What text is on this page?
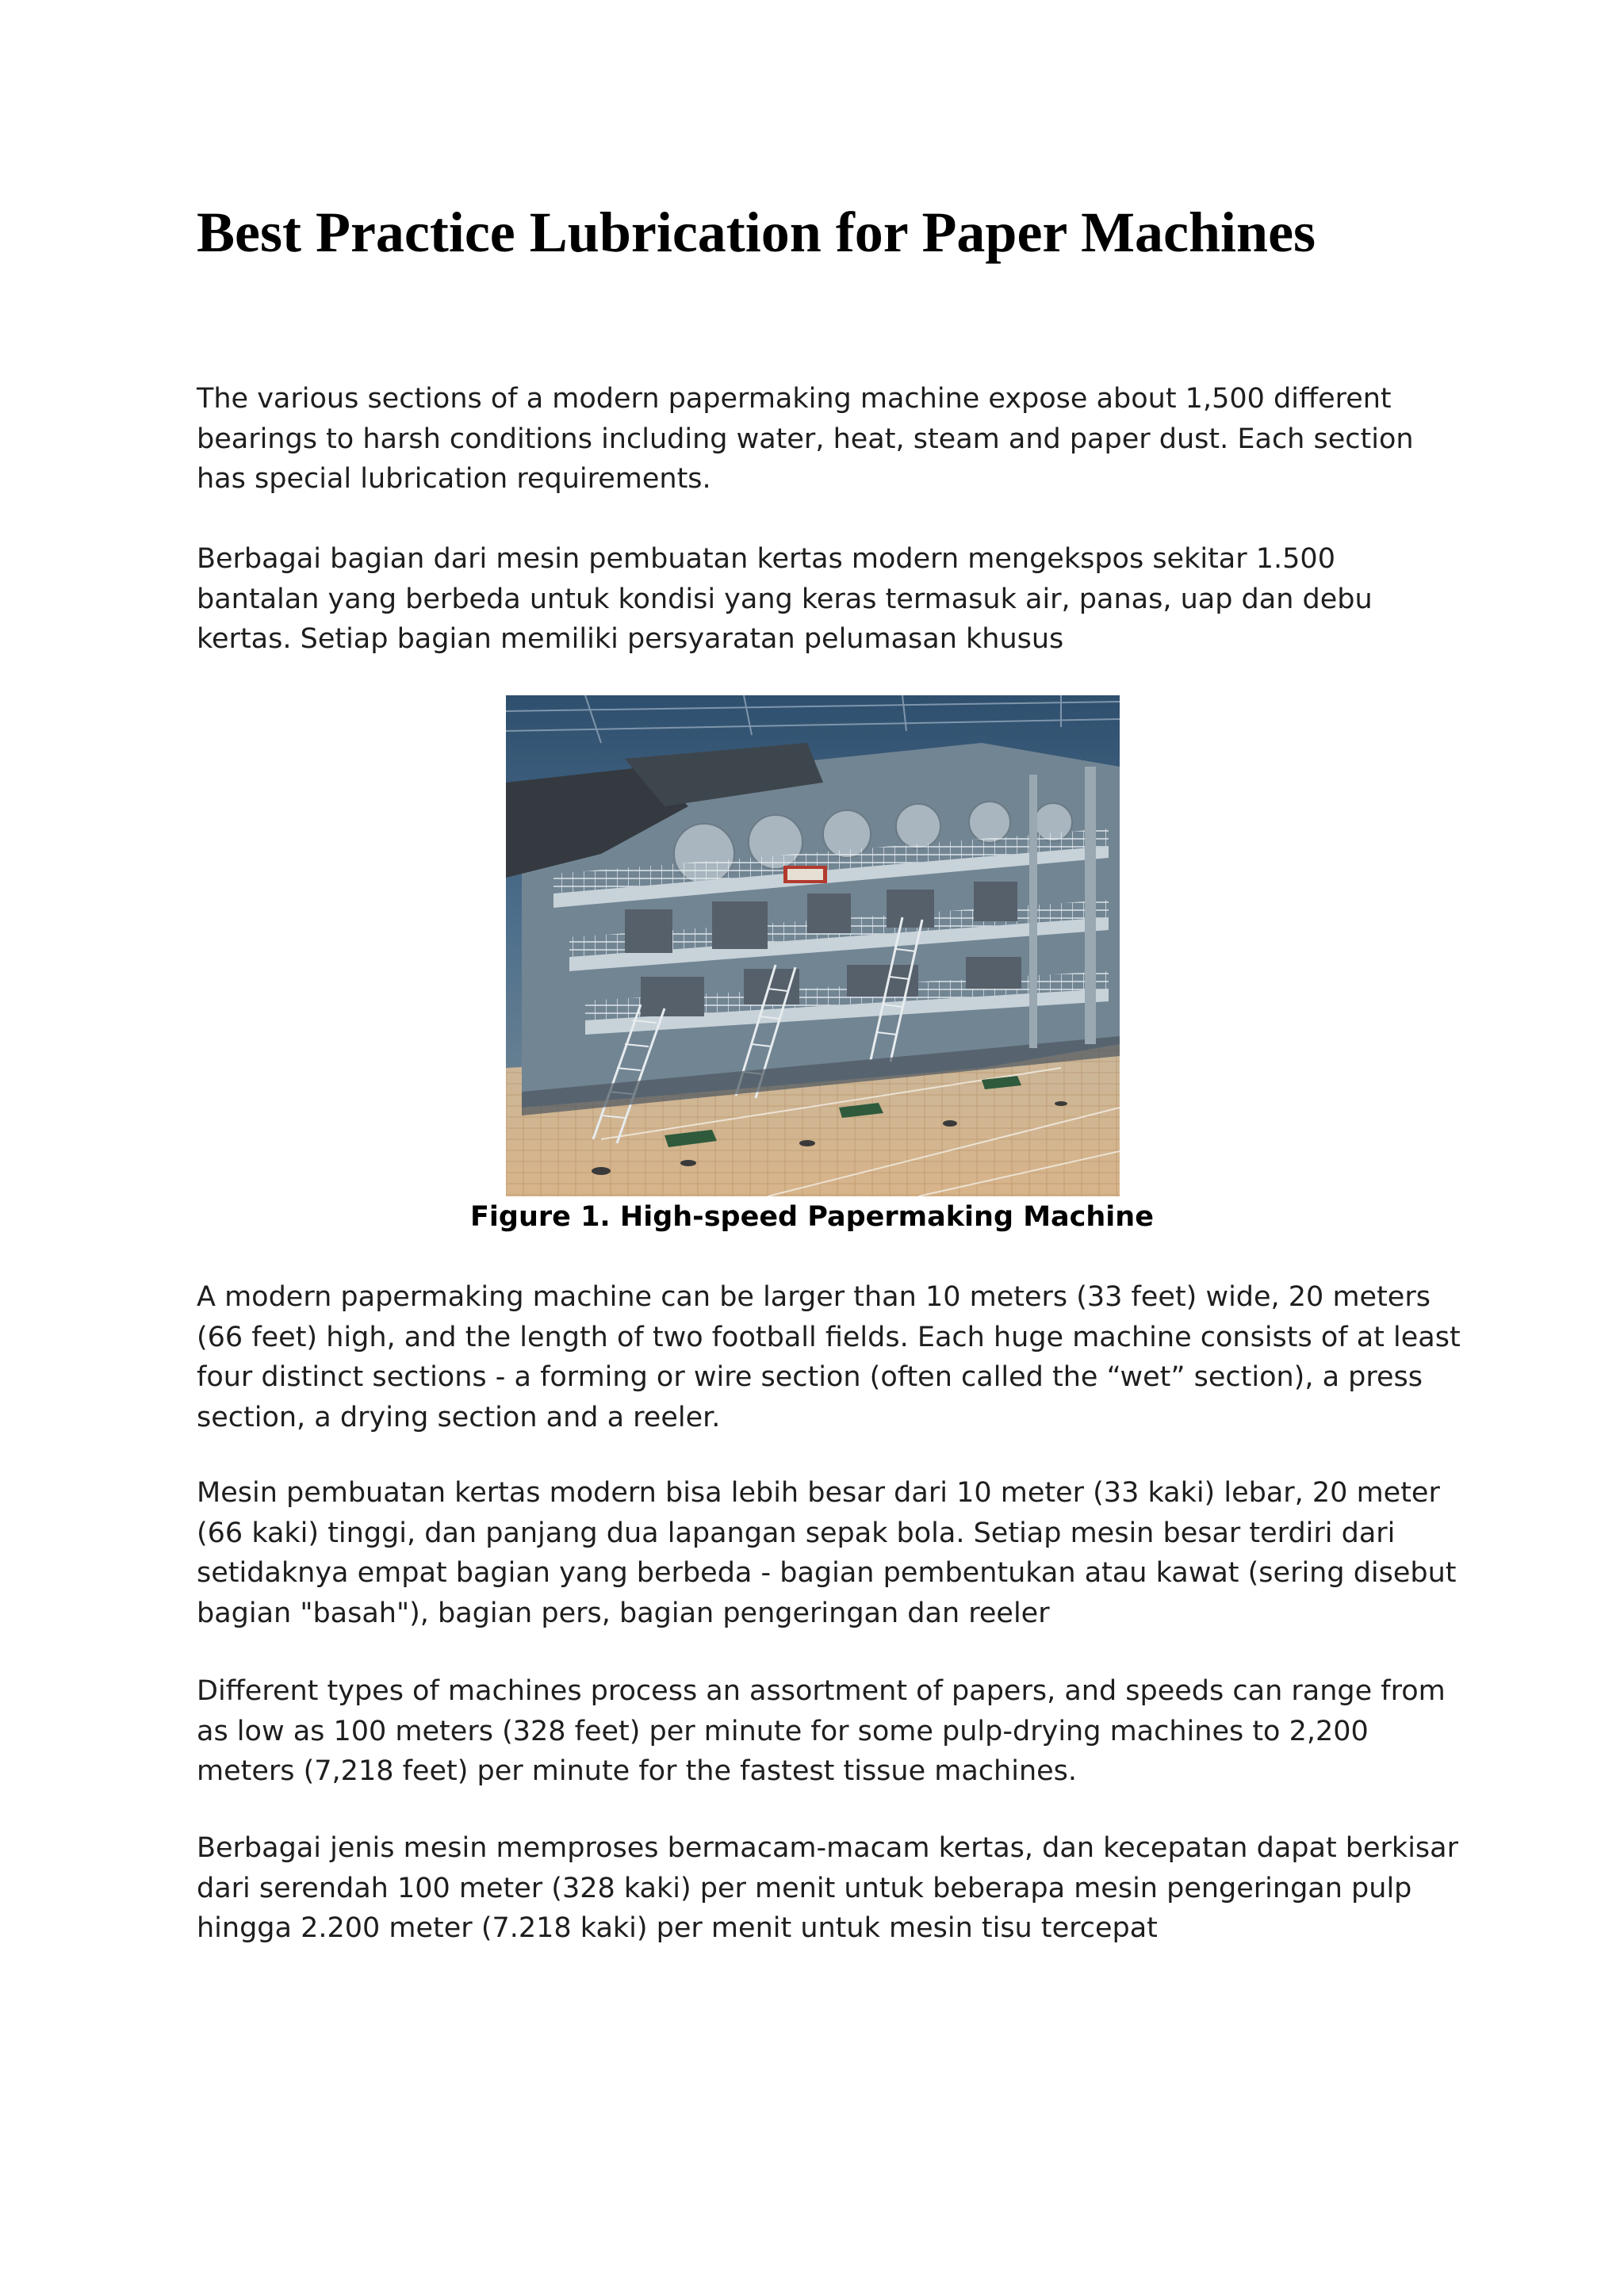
Best Practice Lubrication for Paper Machines

The various sections of a modern papermaking machine expose about 1,500 different bearings to harsh conditions including water, heat, steam and paper dust. Each section has special lubrication requirements.

Berbagai bagian dari mesin pembuatan kertas modern mengekspos sekitar 1.500 bantalan yang berbeda untuk kondisi yang keras termasuk air, panas, uap dan debu kertas. Setiap bagian memiliki persyaratan pelumasan khusus

Figure 1. High-speed Papermaking Machine

A modern papermaking machine can be larger than 10 meters (33 feet) wide, 20 meters (66 feet) high, and the length of two football fields. Each huge machine consists of at least four distinct sections - a forming or wire section (often called the “wet” section), a press section, a drying section and a reeler.

Mesin pembuatan kertas modern bisa lebih besar dari 10 meter (33 kaki) lebar, 20 meter (66 kaki) tinggi, dan panjang dua lapangan sepak bola. Setiap mesin besar terdiri dari setidaknya empat bagian yang berbeda - bagian pembentukan atau kawat (sering disebut bagian "basah"), bagian pers, bagian pengeringan dan reeler

Different types of machines process an assortment of papers, and speeds can range from as low as 100 meters (328 feet) per minute for some pulp-drying machines to 2,200 meters (7,218 feet) per minute for the fastest tissue machines.

Berbagai jenis mesin memproses bermacam-macam kertas, dan kecepatan dapat berkisar dari serendah 100 meter (328 kaki) per menit untuk beberapa mesin pengeringan pulp hingga 2.200 meter (7.218 kaki) per menit untuk mesin tisu tercepat
